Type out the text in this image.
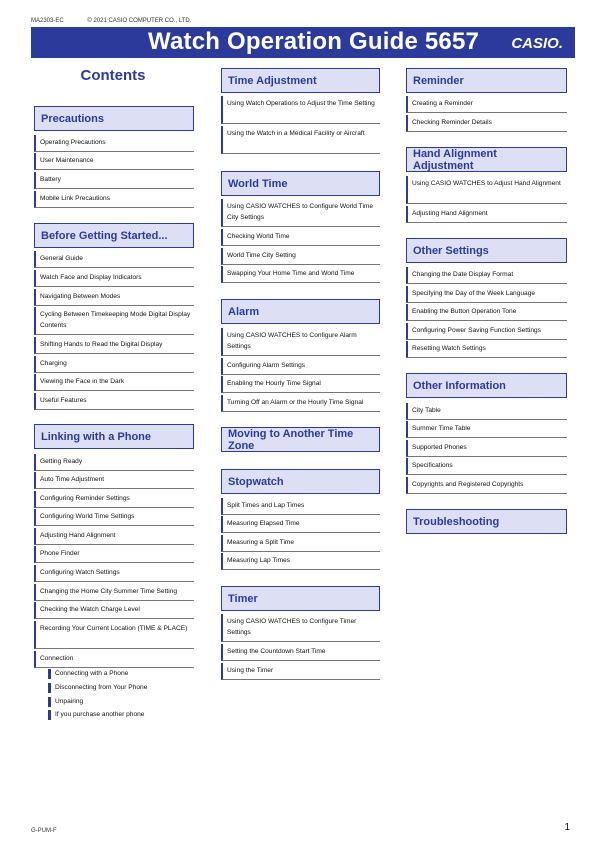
MA2303-EC	© 2021 CASIO COMPUTER CO., LTD.
Watch Operation Guide 5657 CASIO.
Contents
Precautions
Operating Precautions
User Maintenance
Battery
Mobile Link Precautions
Before Getting Started...
General Guide
Watch Face and Display Indicators
Navigating Between Modes
Cycling Between Timekeeping Mode Digital Display Contents
Shifting Hands to Read the Digital Display
Charging
Viewing the Face in the Dark
Useful Features
Linking with a Phone
Getting Ready
Auto Time Adjustment
Configuring Reminder Settings
Configuring World Time Settings
Adjusting Hand Alignment
Phone Finder
Configuring Watch Settings
Changing the Home City Summer Time Setting
Checking the Watch Charge Level
Recording Your Current Location (TIME & PLACE)
Connection
Connecting with a Phone
Disconnecting from Your Phone
Unpairing
If you purchase another phone
Time Adjustment
Using Watch Operations to Adjust the Time Setting
Using the Watch in a Medical Facility or Aircraft
World Time
Using CASIO WATCHES to Configure World Time City Settings
Checking World Time
World Time City Setting
Swapping Your Home Time and World Time
Alarm
Using CASIO WATCHES to Configure Alarm Settings
Configuring Alarm Settings
Enabling the Hourly Time Signal
Turning Off an Alarm or the Hourly Time Signal
Moving to Another Time Zone
Stopwatch
Split Times and Lap Times
Measuring Elapsed Time
Measuring a Split Time
Measuring Lap Times
Timer
Using CASIO WATCHES to Configure Timer Settings
Setting the Countdown Start Time
Using the Timer
Reminder
Creating a Reminder
Checking Reminder Details
Hand Alignment Adjustment
Using CASIO WATCHES to Adjust Hand Alignment
Adjusting Hand Alignment
Other Settings
Changing the Date Display Format
Specifying the Day of the Week Language
Enabling the Button Operation Tone
Configuring Power Saving Function Settings
Resetting Watch Settings
Other Information
City Table
Summer Time Table
Supported Phones
Specifications
Copyrights and Registered Copyrights
Troubleshooting
G-PUM-F	1
